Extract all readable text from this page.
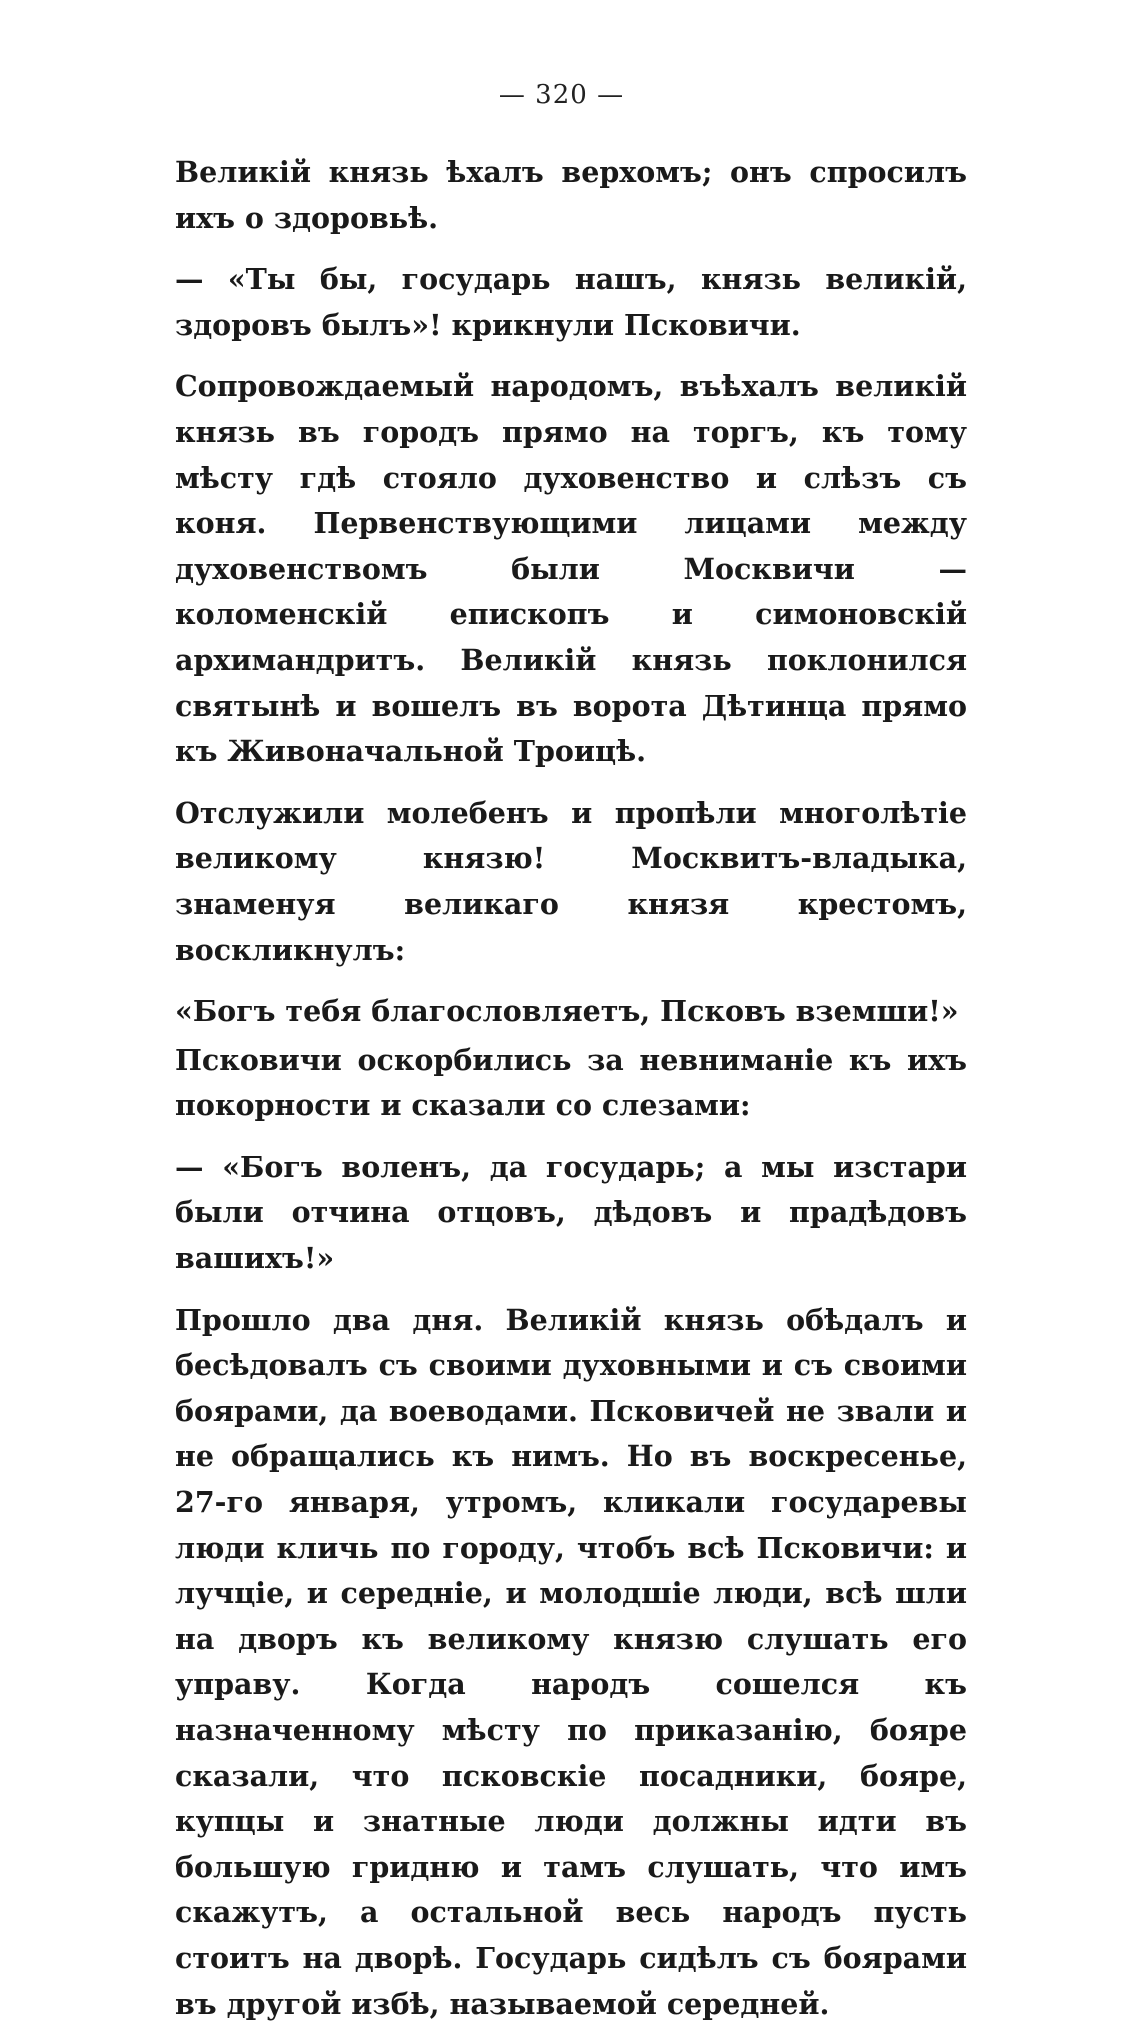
— 320 —

Великій князь ѣхалъ верхомъ; онъ спросилъ ихъ о здоровьѣ.

— «Ты бы, государь нашъ, князь великій, здоровъ былъ»! крикнули Псковичи.

Сопровождаемый народомъ, въѣхалъ великій князь въ городъ прямо на торгъ, къ тому мѣсту гдѣ стояло духовенство и слѣзъ съ коня. Первенствующими лицами между духовенствомъ были Москвичи — коломенскій епископъ и симоновскій архимандритъ. Великій князь поклонился святынѣ и вошелъ въ ворота Дѣтинца прямо къ Живоначальной Троицѣ.

Отслужили молебенъ и пропѣли многолѣтіе великому князю! Москвитъ-владыка, знаменуя великаго князя крестомъ, воскликнулъ:

«Богъ тебя благословляетъ, Псковъ вземши!»

Псковичи оскорбились за невниманіе къ ихъ покорности и сказали со слезами:

— «Богъ воленъ, да государь; а мы изстари были отчина отцовъ, дѣдовъ и прадѣдовъ вашихъ!»

Прошло два дня. Великій князь обѣдалъ и бесѣдовалъ съ своими духовными и съ своими боярами, да воеводами. Псковичей не звали и не обращались къ нимъ. Но въ воскресенье, 27-го января, утромъ, кликали государевы люди кличь по городу, чтобъ всѣ Псковичи: и лучціе, и середніе, и молодшіе люди, всѣ шли на дворъ къ великому князю слушать его управу. Когда народъ сошелся къ назначенному мѣсту по приказанію, бояре сказали, что псковскіе посадники, бояре, купцы и знатные люди должны идти въ большую гридню и тамъ слушать, что имъ скажутъ, а остальной весь народъ пусть стоитъ на дворѣ. Государь сидѣлъ съ боярами въ другой избѣ, называемой середней.
